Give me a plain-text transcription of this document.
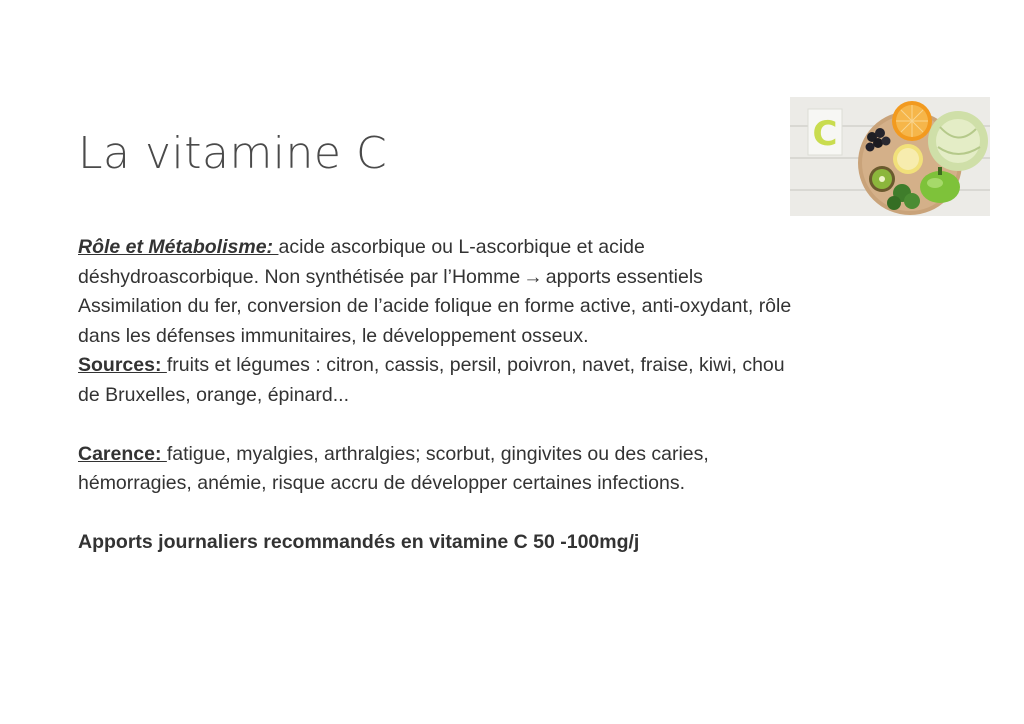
La vitamine C	C
Rôle et Métabolisme: acide ascorbique ou L-ascorbique et acide
déshydroascorbique. Non synthétisée par l’Homme → apports essentiels
Assimilation du fer, conversion de l’acide folique en forme active, anti-oxydant, rôle
dans les défenses immunitaires, le développement osseux.
Sources: fruits et légumes : citron, cassis, persil, poivron, navet, fraise, kiwi, chou
de Bruxelles, orange, épinard...
Carence: fatigue, myalgies, arthralgies; scorbut, gingivites ou des caries,
hémorragies, anémie, risque accru de développer certaines infections.
Apports journaliers recommandés en vitamine C 50 -100mg/j
